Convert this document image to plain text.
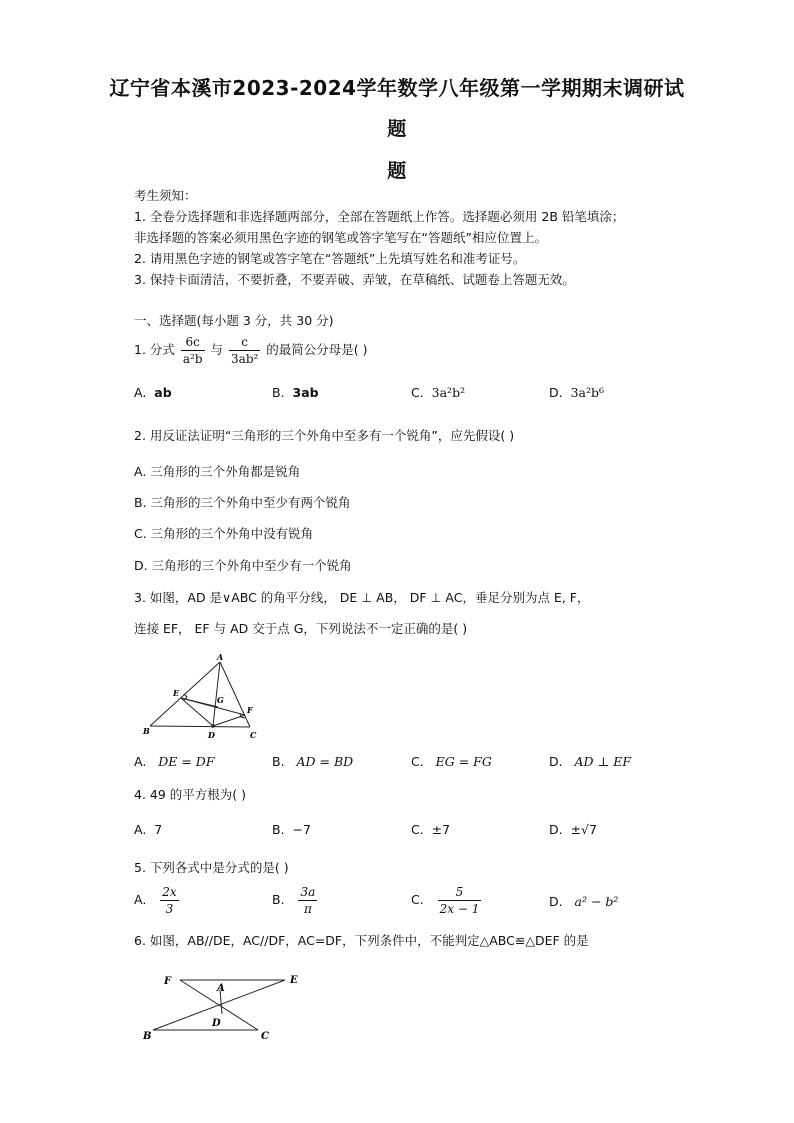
辽宁省本溪市2023-2024学年数学八年级第一学期期末调研试
题
题
考生须知：
1. 全卷分选择题和非选择题两部分，全部在答题纸上作答。选择题必须用 2B 铅笔填涂；
非选择题的答案必须用黑色字迹的钢笔或答字笔写在“答题纸”相应位置上。
2. 请用黑色字迹的钢笔或答字笔在“答题纸”上先填写姓名和准考证号。
3. 保持卡面清洁，不要折叠，不要弄破、弄皱，在草稿纸、试题卷上答题无效。
一、选择题(每小题 3 分，共 30 分)
1. 分式 $\frac{6c}{\text{a²b}}$ 与 $\frac{c}{\text{3ab²}}$ 的最简公分母是( )
A. ab	B. 3ab	C. 3a²b²	D. 3a²b⁶
2. 用反证法证明“三角形的三个外角中至多有一个锐角”，应先假设( )
A. 三角形的三个外角都是锐角
B. 三角形的三个外角中至少有两个锐角
C. 三角形的三个外角中没有锐角
D. 三角形的三个外角中至少有一个锐角
3. 如图，AD 是∨ABC 的角平分线， DE ⊥ AB， DF ⊥ AC，垂足分别为点 E, F，
连接 EF， EF 与 AD 交于点 G，下列说法不一定正确的是( )
A
E
G
F
B	D	C
A. DE = DF	B. AD = BD	C. EG = FG	D. AD ⊥ EF
4. 49 的平方根为( )
A. 7	B. −7	C. ±7	D. ±√7
5. 下列各式中是分式的是( )
A. $\frac{2x}{3}$	B. $\frac{3a}{\pi}$	C. $\frac{5}{2x - 1}$	D. a² − b²
6. 如图，AB//DE，AC//DF，AC=DF，下列条件中，不能判定△ABC≌△DEF 的是
F
A
E
D
B	C
